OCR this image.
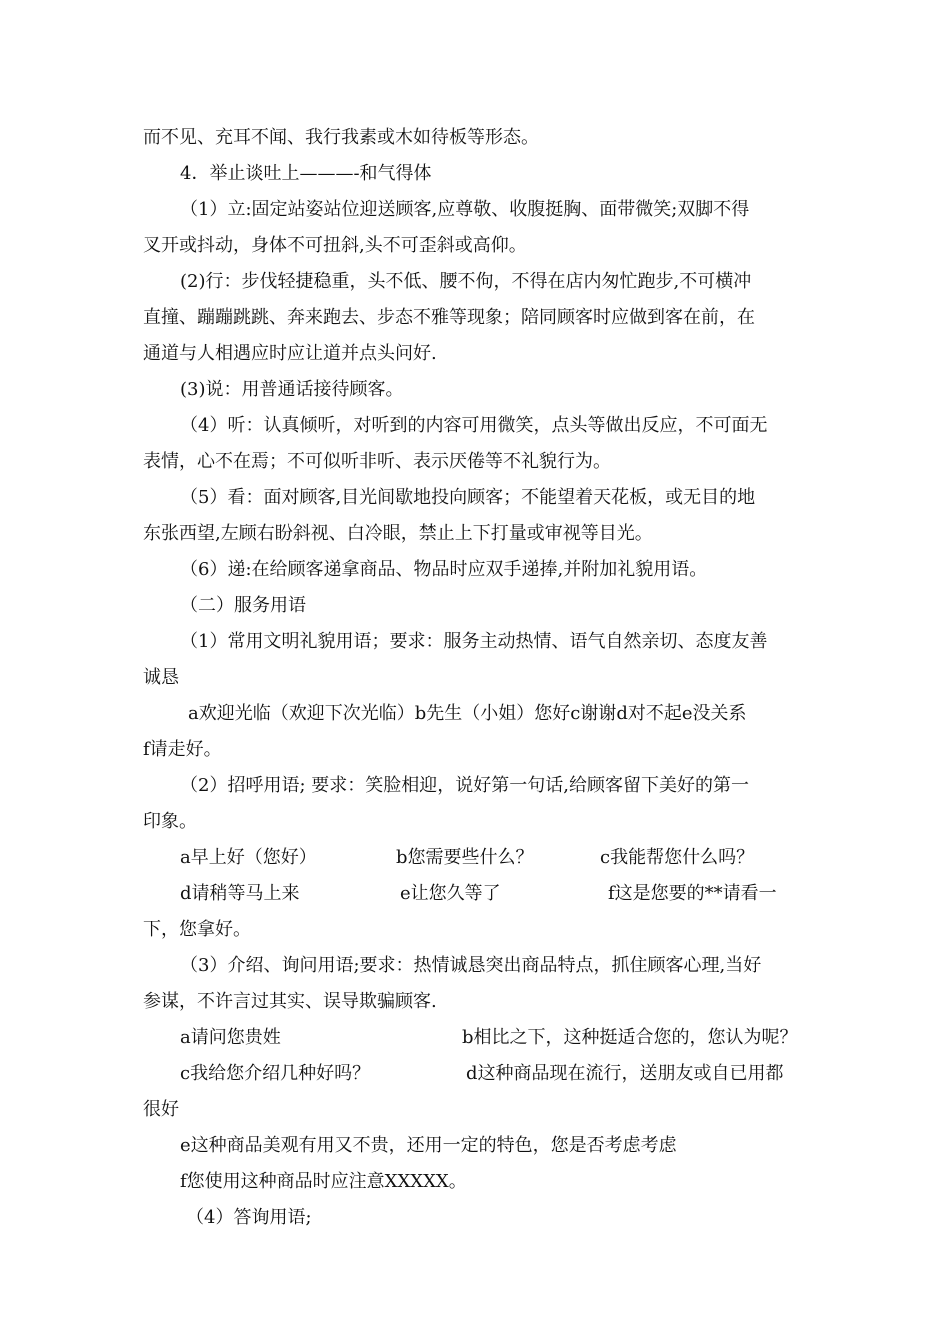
而不见、充耳不闻、我行我素或木如待板等形态。
4．举止谈吐上———-和气得体
（1）立:固定站姿站位迎送顾客,应尊敬、收腹挺胸、面带微笑;双脚不得
叉开或抖动，身体不可扭斜,头不可歪斜或高仰。
(2)行：步伐轻捷稳重，头不低、腰不佝，不得在店内匆忙跑步,不可横冲
直撞、蹦蹦跳跳、奔来跑去、步态不雅等现象；陪同顾客时应做到客在前，在
通道与人相遇应时应让道并点头问好.
(3)说：用普通话接待顾客。
（4）听：认真倾听，对听到的内容可用微笑，点头等做出反应，不可面无
表情，心不在焉；不可似听非听、表示厌倦等不礼貌行为。
（5）看：面对顾客,目光间歇地投向顾客；不能望着天花板，或无目的地
东张西望,左顾右盼斜视、白冷眼，禁止上下打量或审视等目光。
（6）递:在给顾客递拿商品、物品时应双手递捧,并附加礼貌用语。
（二）服务用语
（1）常用文明礼貌用语；要求：服务主动热情、语气自然亲切、态度友善
诚恳
a欢迎光临（欢迎下次光临）b先生（小姐）您好c谢谢d对不起e没关系
f请走好。
（2）招呼用语; 要求：笑脸相迎，说好第一句话,给顾客留下美好的第一
印象。
a早上好（您好）	b您需要些什么？	c我能帮您什么吗？
d请稍等马上来	e让您久等了	f这是您要的**请看一
下，您拿好。
（3）介绍、询问用语;要求：热情诚恳突出商品特点，抓住顾客心理,当好
参谋，不许言过其实、误导欺骗顾客.
a请问您贵姓	b相比之下，这种挺适合您的，您认为呢？
c我给您介绍几种好吗？	d这种商品现在流行，送朋友或自已用都
很好
e这种商品美观有用又不贵，还用一定的特色，您是否考虑考虑
f您使用这种商品时应注意XXXXX。
（4）答询用语;
